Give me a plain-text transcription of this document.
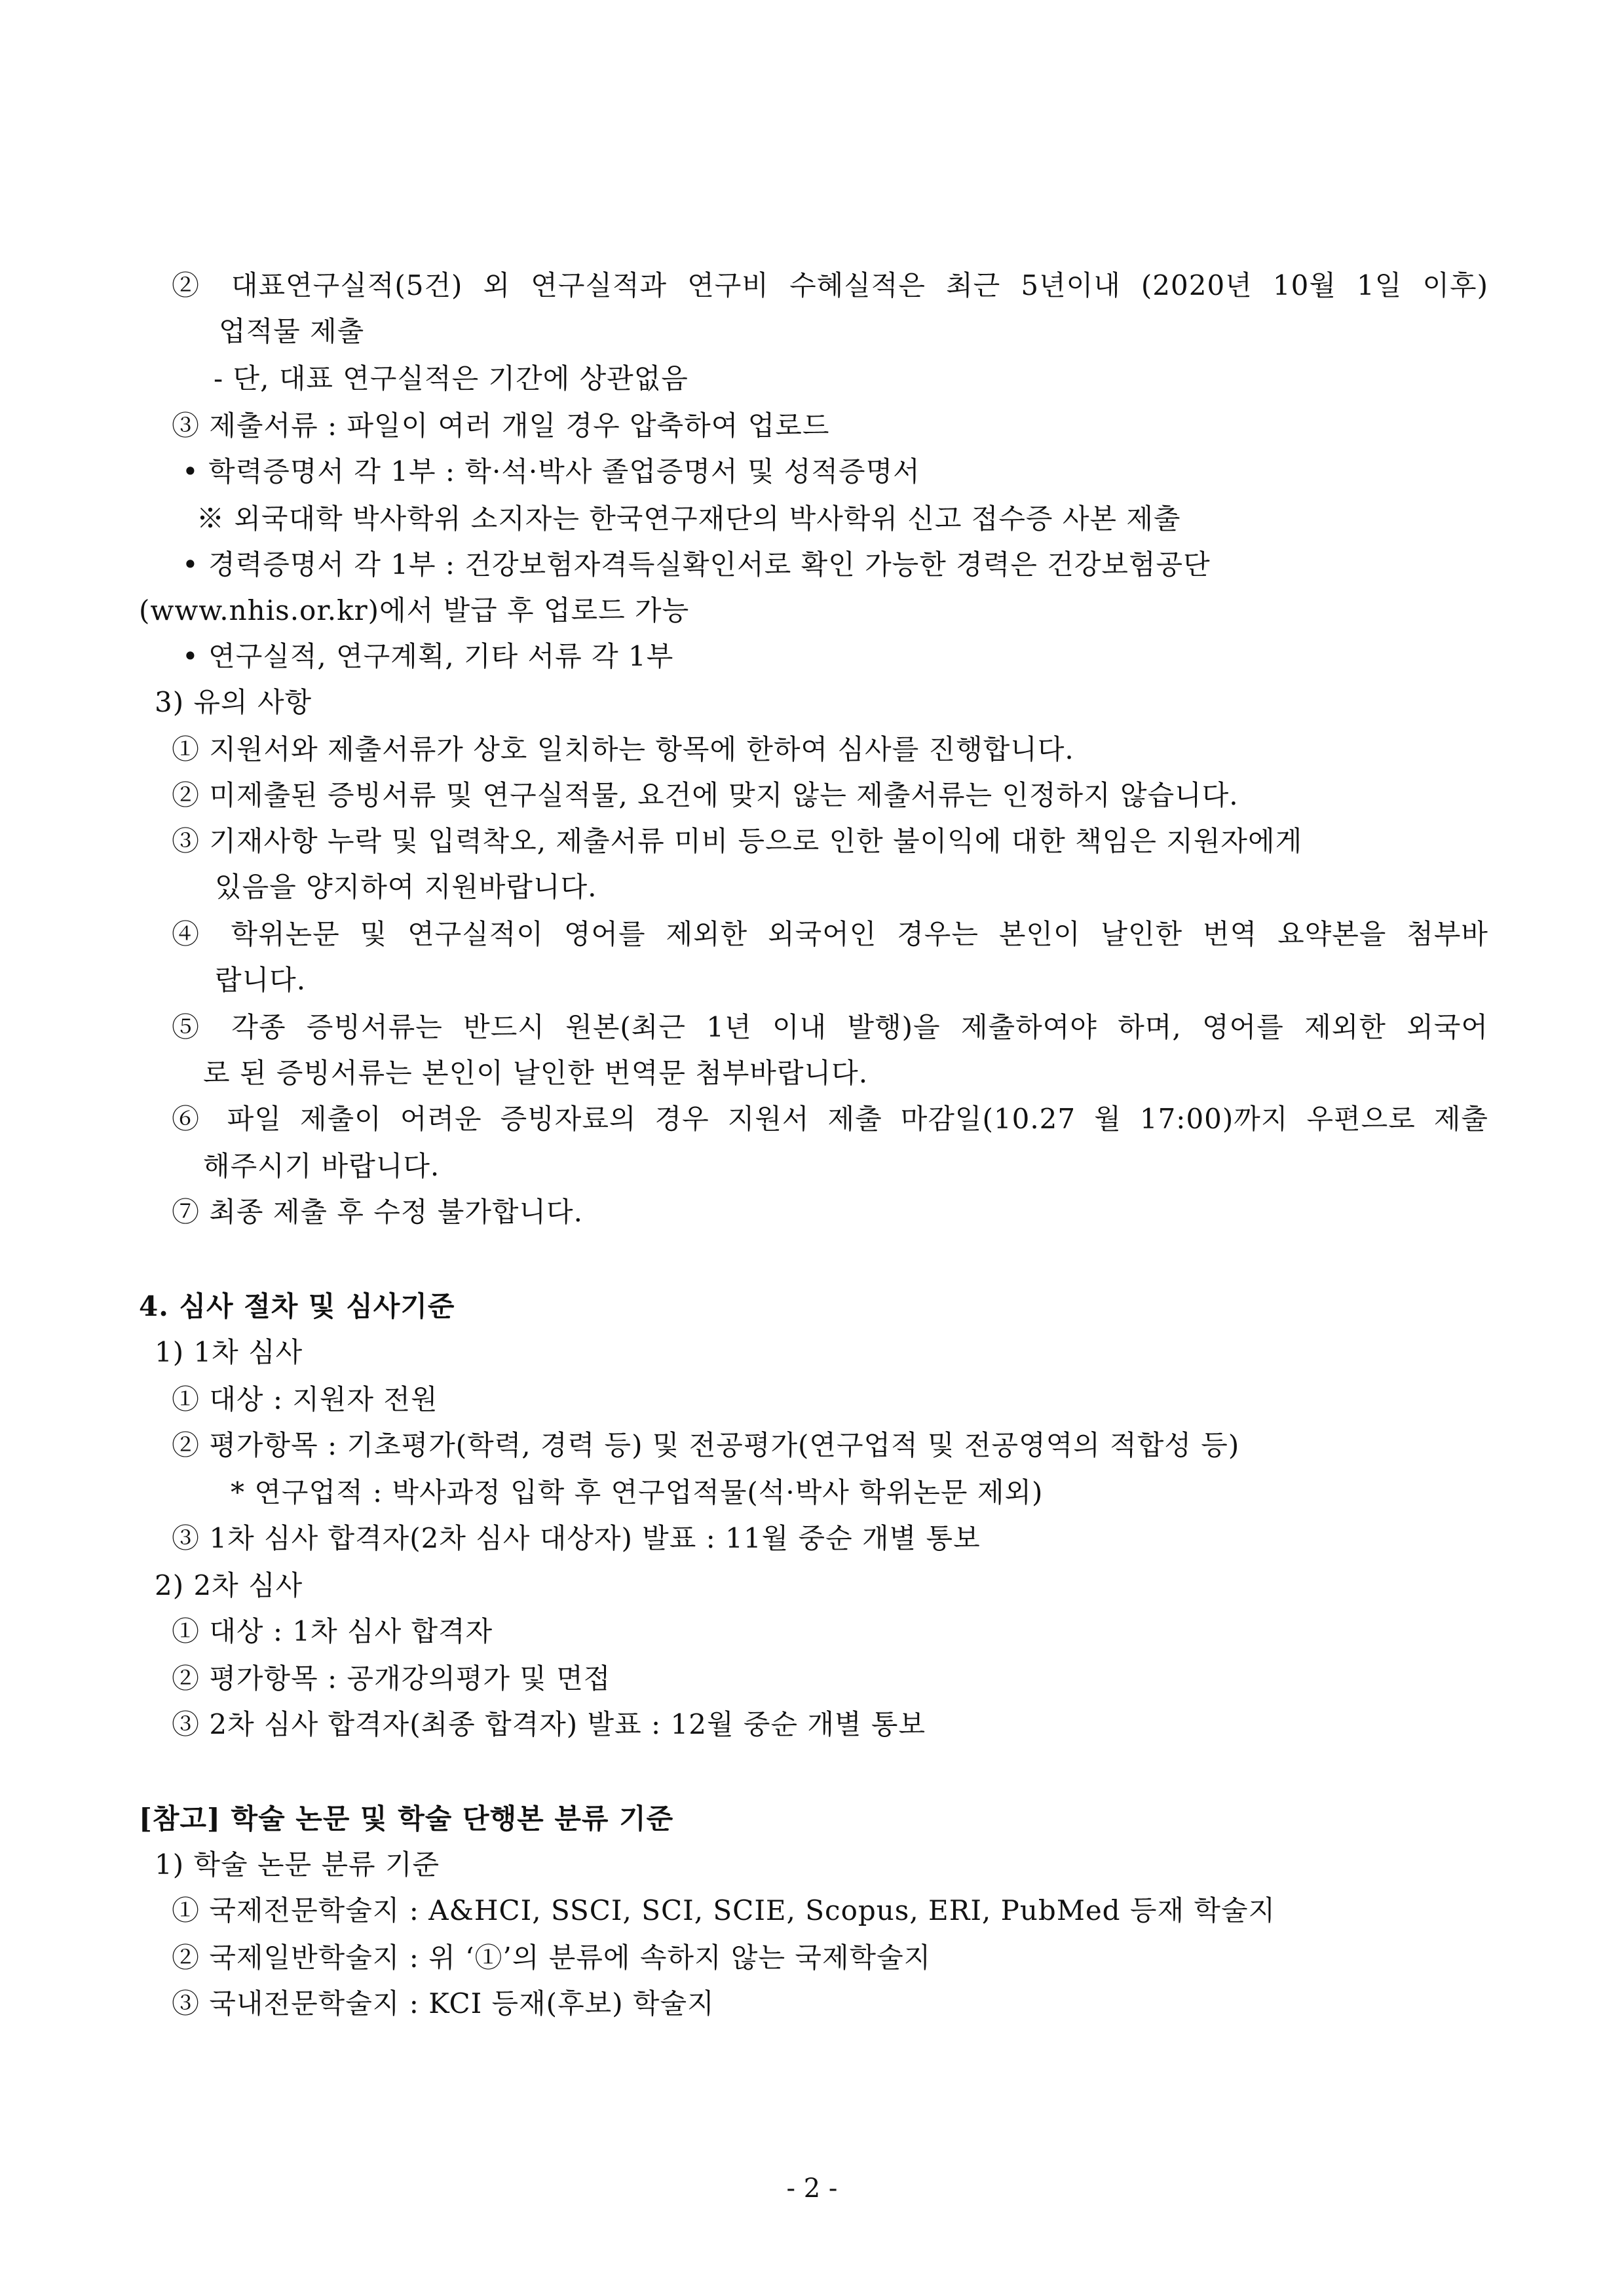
② 대표연구실적(5건) 외 연구실적과 연구비 수혜실적은 최근 5년이내 (2020년 10월 1일 이후)
업적물 제출
- 단, 대표 연구실적은 기간에 상관없음
③ 제출서류 : 파일이 여러 개일 경우 압축하여 업로드
• 학력증명서 각 1부 : 학·석·박사 졸업증명서 및 성적증명서
※ 외국대학 박사학위 소지자는 한국연구재단의 박사학위 신고 접수증 사본 제출
• 경력증명서 각 1부 : 건강보험자격득실확인서로 확인 가능한 경력은 건강보험공단
(www.nhis.or.kr)에서 발급 후 업로드 가능
• 연구실적, 연구계획, 기타 서류 각 1부
3) 유의 사항
① 지원서와 제출서류가 상호 일치하는 항목에 한하여 심사를 진행합니다.
② 미제출된 증빙서류 및 연구실적물, 요건에 맞지 않는 제출서류는 인정하지 않습니다.
③ 기재사항 누락 및 입력착오, 제출서류 미비 등으로 인한 불이익에 대한 책임은 지원자에게
있음을 양지하여 지원바랍니다.
④ 학위논문 및 연구실적이 영어를 제외한 외국어인 경우는 본인이 날인한 번역 요약본을 첨부바
랍니다.
⑤ 각종 증빙서류는 반드시 원본(최근 1년 이내 발행)을 제출하여야 하며, 영어를 제외한 외국어
로 된 증빙서류는 본인이 날인한 번역문 첨부바랍니다.
⑥ 파일 제출이 어려운 증빙자료의 경우 지원서 제출 마감일(10.27 월 17:00)까지 우편으로 제출
해주시기 바랍니다.
⑦ 최종 제출 후 수정 불가합니다.
4. 심사 절차 및 심사기준
1) 1차 심사
① 대상 : 지원자 전원
② 평가항목 : 기초평가(학력, 경력 등) 및 전공평가(연구업적 및 전공영역의 적합성 등)
* 연구업적 : 박사과정 입학 후 연구업적물(석·박사 학위논문 제외)
③ 1차 심사 합격자(2차 심사 대상자) 발표 : 11월 중순 개별 통보
2) 2차 심사
① 대상 : 1차 심사 합격자
② 평가항목 : 공개강의평가 및 면접
③ 2차 심사 합격자(최종 합격자) 발표 : 12월 중순 개별 통보
[참고] 학술 논문 및 학술 단행본 분류 기준
1) 학술 논문 분류 기준
① 국제전문학술지 : A&HCI, SSCI, SCI, SCIE, Scopus, ERI, PubMed 등재 학술지
② 국제일반학술지 : 위 ‘①’의 분류에 속하지 않는 국제학술지
③ 국내전문학술지 : KCI 등재(후보) 학술지
- 2 -
